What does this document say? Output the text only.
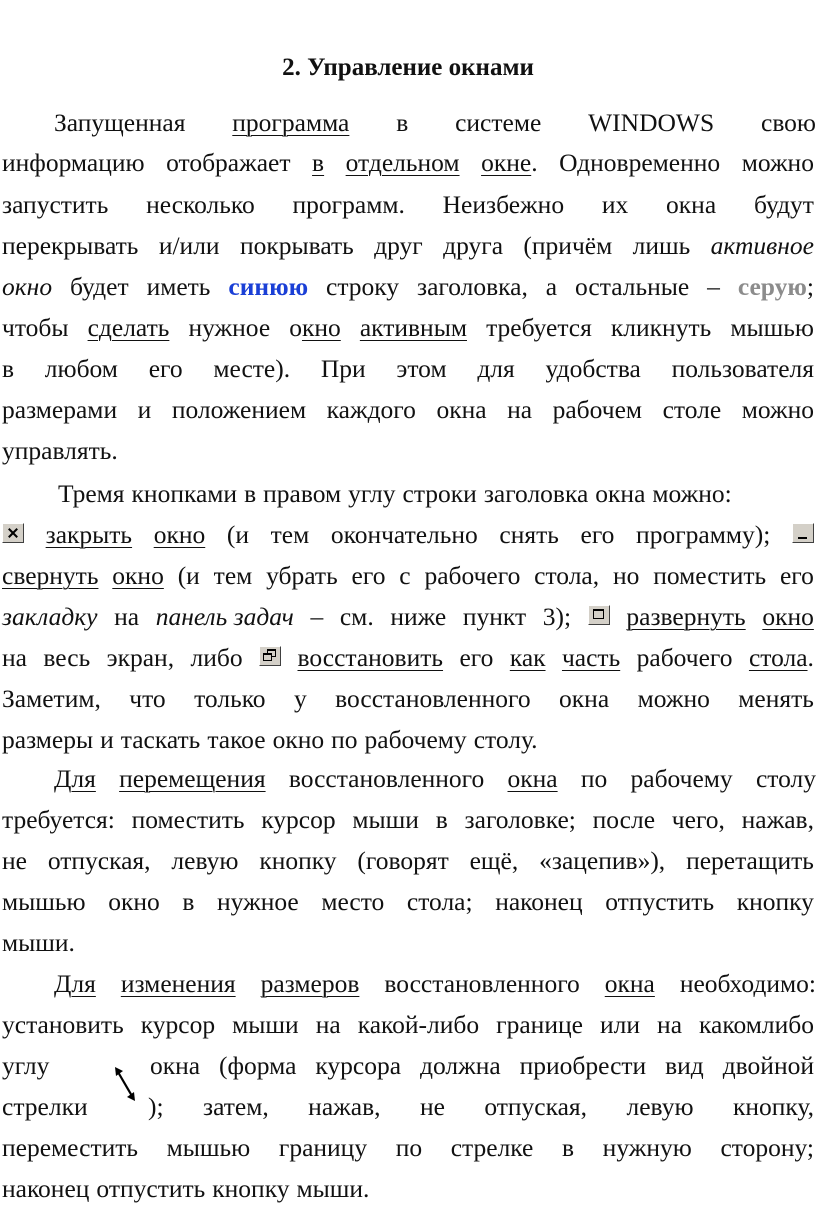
2. Управление окнами
Запущенная программа в системе WINDOWS свою
информацию отображает в отдельном окне. Одновременно можно
запустить несколько программ. Неизбежно их окна будут
перекрывать и/или покрывать друг друга (причём лишь активное
окно будет иметь синюю строку заголовка, а остальные – серую;
чтобы сделать нужное окно активным требуется кликнуть мышью
в любом его месте). При этом для удобства пользователя
размерами и положением каждого окна на рабочем столе можно
управлять.
Тремя кнопками в правом углу строки заголовка окна можно:
закрыть окно (и тем окончательно снять его программу);
свернуть окно (и тем убрать его с рабочего стола, но поместить его
закладку на панель задач – см. ниже пункт 3); развернуть окно
на весь экран, либо восстановить его как часть рабочего стола.
Заметим, что только у восстановленного окна можно менять
размеры и таскать такое окно по рабочему столу.
Для перемещения восстановленного окна по рабочему столу
требуется: поместить курсор мыши в заголовке; после чего, нажав,
не отпуская, левую кнопку (говорят ещё, «зацепив»), перетащить
мышью окно в нужное место стола; наконец отпустить кнопку
мыши.
Для изменения размеров восстановленного окна необходимо:
установить курсор мыши на какой-либо границе или на какомлибо
углу	окна (форма курсора должна приобрести вид двойной
стрелки	); затем, нажав, не отпуская, левую кнопку,
переместить мышью границу по стрелке в нужную сторону;
наконец отпустить кнопку мыши.
